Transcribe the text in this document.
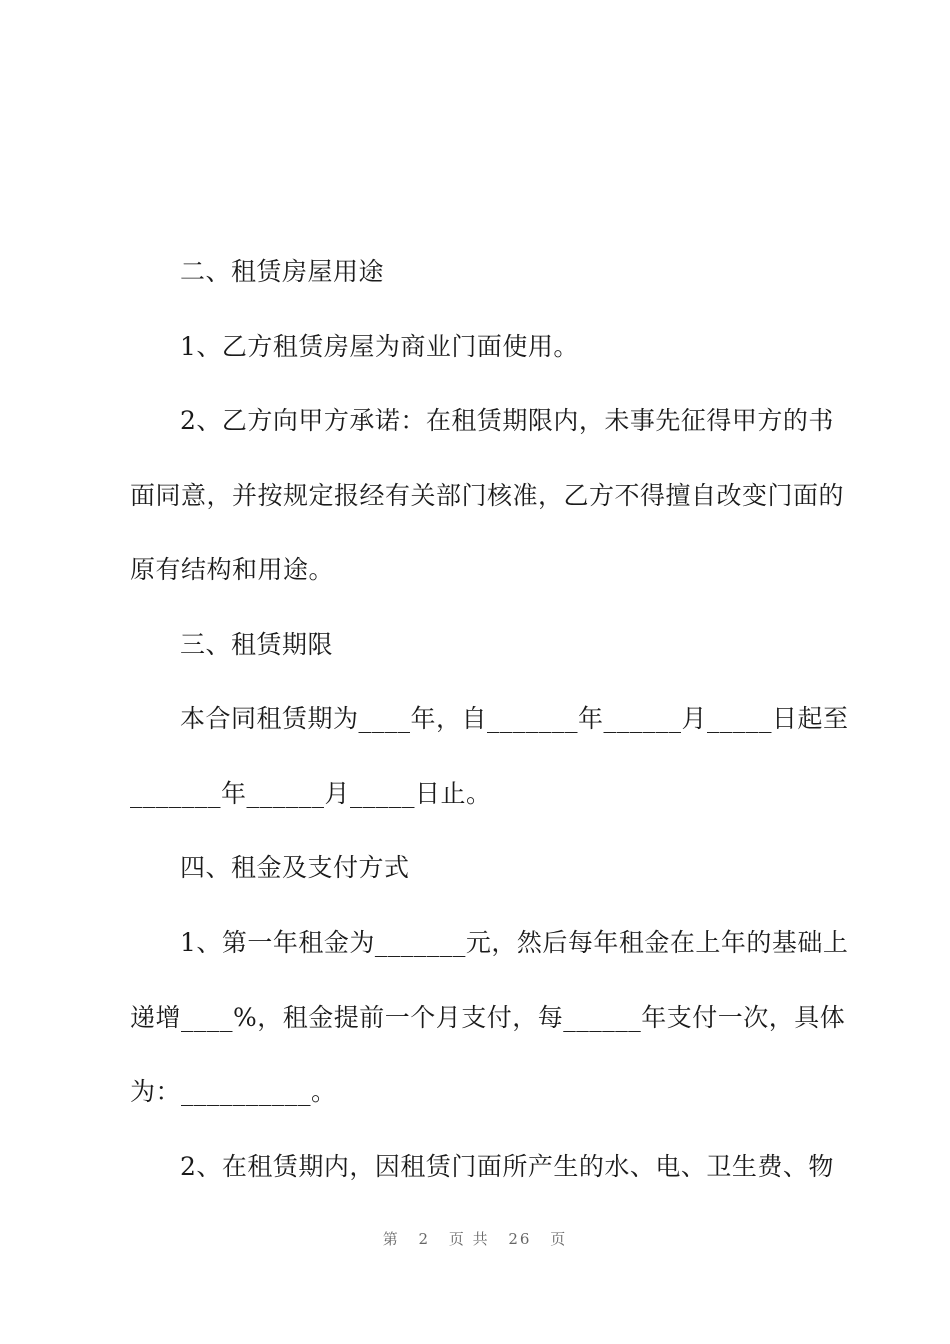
二、租赁房屋用途
1、乙方租赁房屋为商业门面使用。
2、乙方向甲方承诺：在租赁期限内，未事先征得甲方的书
面同意，并按规定报经有关部门核准，乙方不得擅自改变门面的
原有结构和用途。
三、租赁期限
本合同租赁期为____年，自_______年______月_____日起至
_______年______月_____日止。
四、租金及支付方式
1、第一年租金为_______元，然后每年租金在上年的基础上
递增____%，租金提前一个月支付，每______年支付一次，具体
为：__________。
2、在租赁期内，因租赁门面所产生的水、电、卫生费、物
第 2 页 共 26 页
